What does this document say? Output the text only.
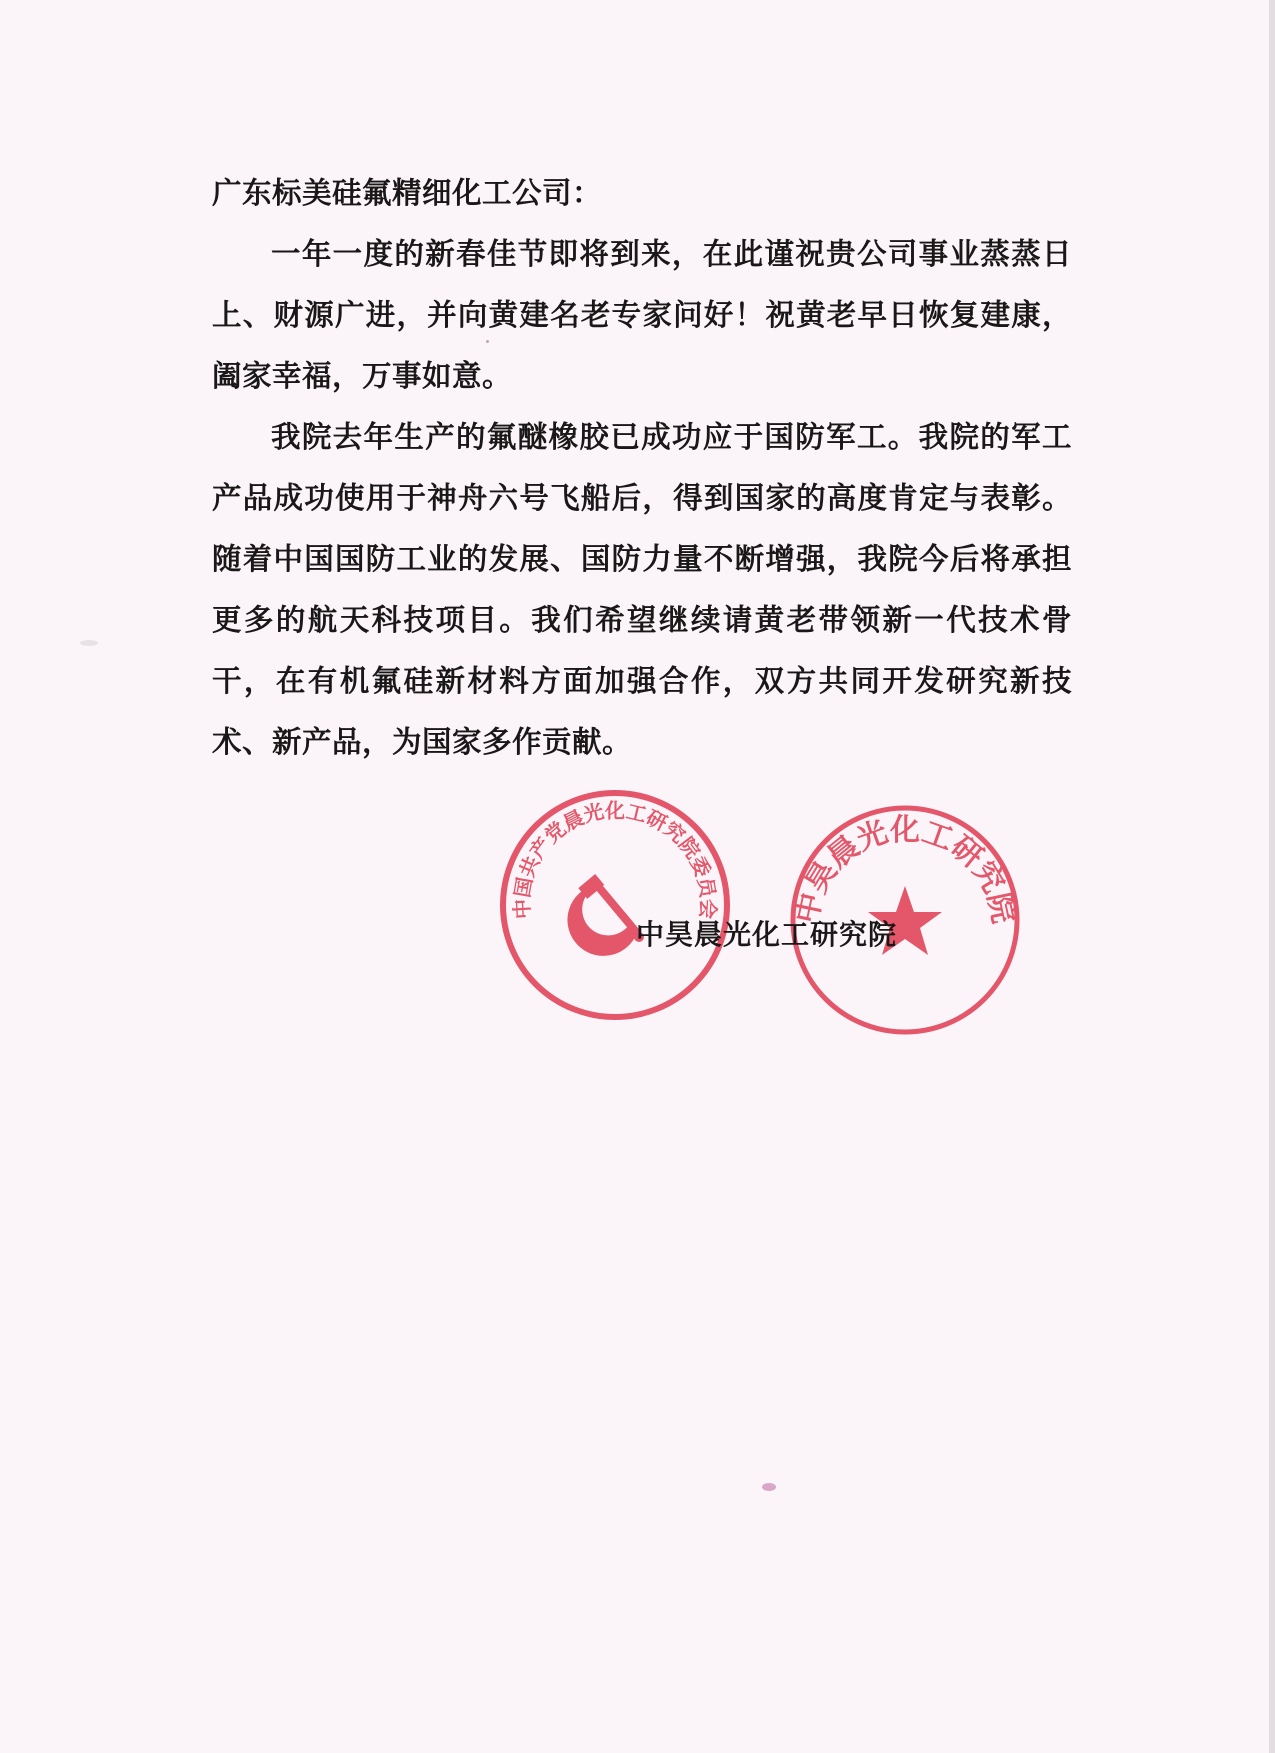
广东标美硅氟精细化工公司：

一年一度的新春佳节即将到来，在此谨祝贵公司事业蒸蒸日上、财源广进，并向黄建名老专家问好！祝黄老早日恢复建康，阖家幸福，万事如意。

我院去年生产的氟醚橡胶已成功应于国防军工。我院的军工产品成功使用于神舟六号飞船后，得到国家的高度肯定与表彰。随着中国国防工业的发展、国防力量不断增强，我院今后将承担更多的航天科技项目。我们希望继续请黄老带领新一代技术骨干，在有机氟硅新材料方面加强合作，双方共同开发研究新技术、新产品，为国家多作贡献。

中国共产党晨光化工研究院委员会 中昊晨光化工研究院
中昊晨光化工研究院
